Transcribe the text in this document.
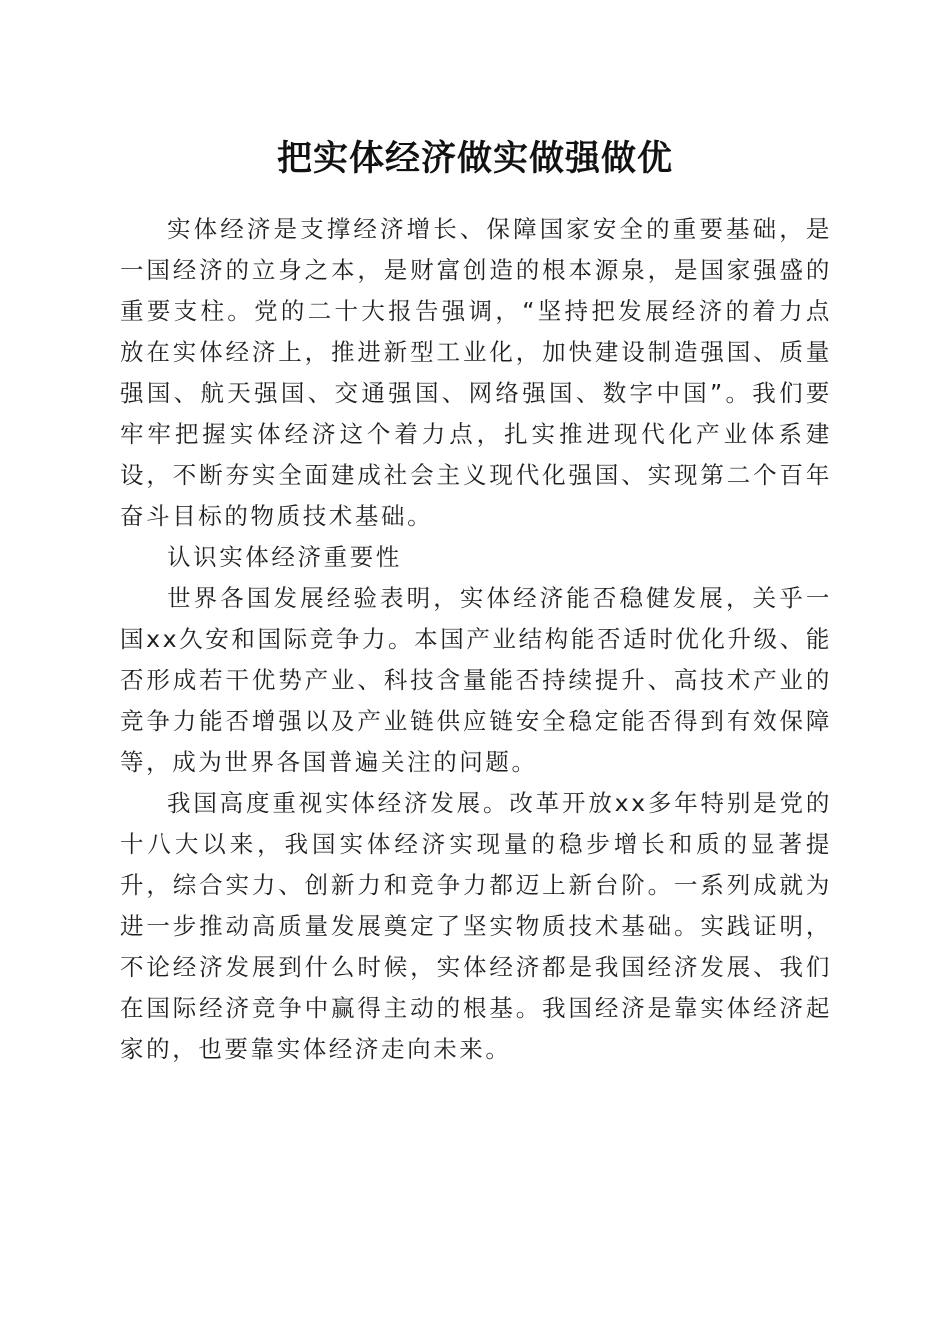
把实体经济做实做强做优

实体经济是支撑经济增长、保障国家安全的重要基础，是一国经济的立身之本，是财富创造的根本源泉，是国家强盛的重要支柱。党的二十大报告强调，“坚持把发展经济的着力点放在实体经济上，推进新型工业化，加快建设制造强国、质量强国、航天强国、交通强国、网络强国、数字中国”。我们要牢牢把握实体经济这个着力点，扎实推进现代化产业体系建设，不断夯实全面建成社会主义现代化强国、实现第二个百年奋斗目标的物质技术基础。

认识实体经济重要性

世界各国发展经验表明，实体经济能否稳健发展，关乎一国xx久安和国际竞争力。本国产业结构能否适时优化升级、能否形成若干优势产业、科技含量能否持续提升、高技术产业的竞争力能否增强以及产业链供应链安全稳定能否得到有效保障等，成为世界各国普遍关注的问题。

我国高度重视实体经济发展。改革开放xx多年特别是党的十八大以来，我国实体经济实现量的稳步增长和质的显著提升，综合实力、创新力和竞争力都迈上新台阶。一系列成就为进一步推动高质量发展奠定了坚实物质技术基础。实践证明，不论经济发展到什么时候，实体经济都是我国经济发展、我们在国际经济竞争中赢得主动的根基。我国经济是靠实体经济起家的，也要靠实体经济走向未来。
